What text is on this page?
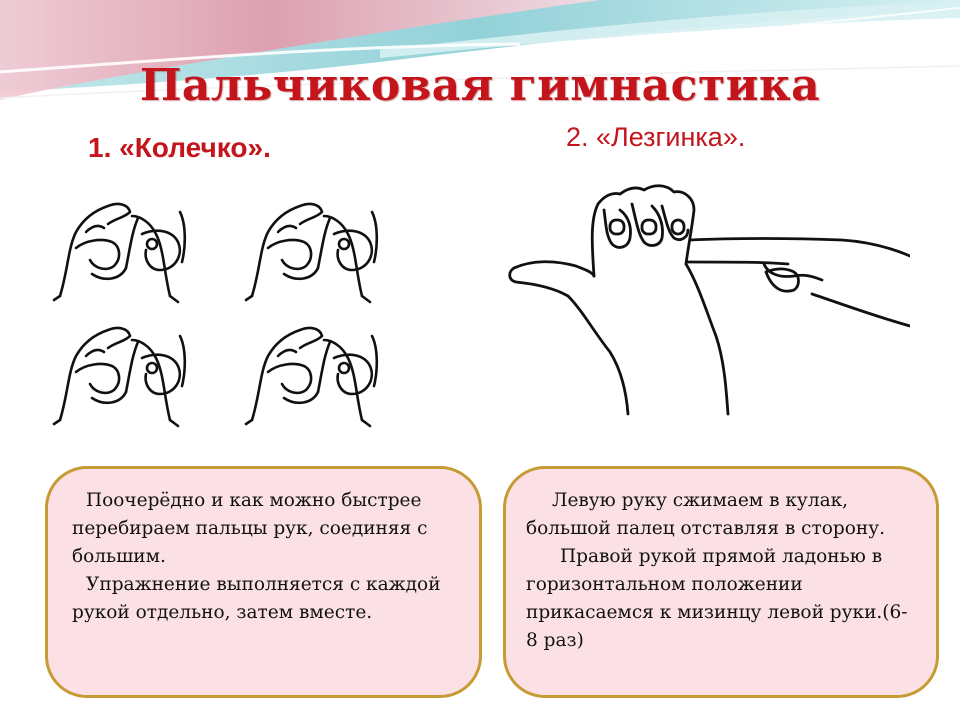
Пальчиковая гимнастика
1. «Колечко».	2. «Лезгинка».

Поочерёдно и как можно быстрее перебираем пальцы рук, соединяя с большим.

Упражнение выполняется с каждой рукой отдельно, затем вместе.

Левую руку сжимаем в кулак, большой палец отставляя в сторону.

Правой рукой прямой ладонью в горизонтальном положении прикасаемся к мизинцу левой руки.(6-8 раз)
